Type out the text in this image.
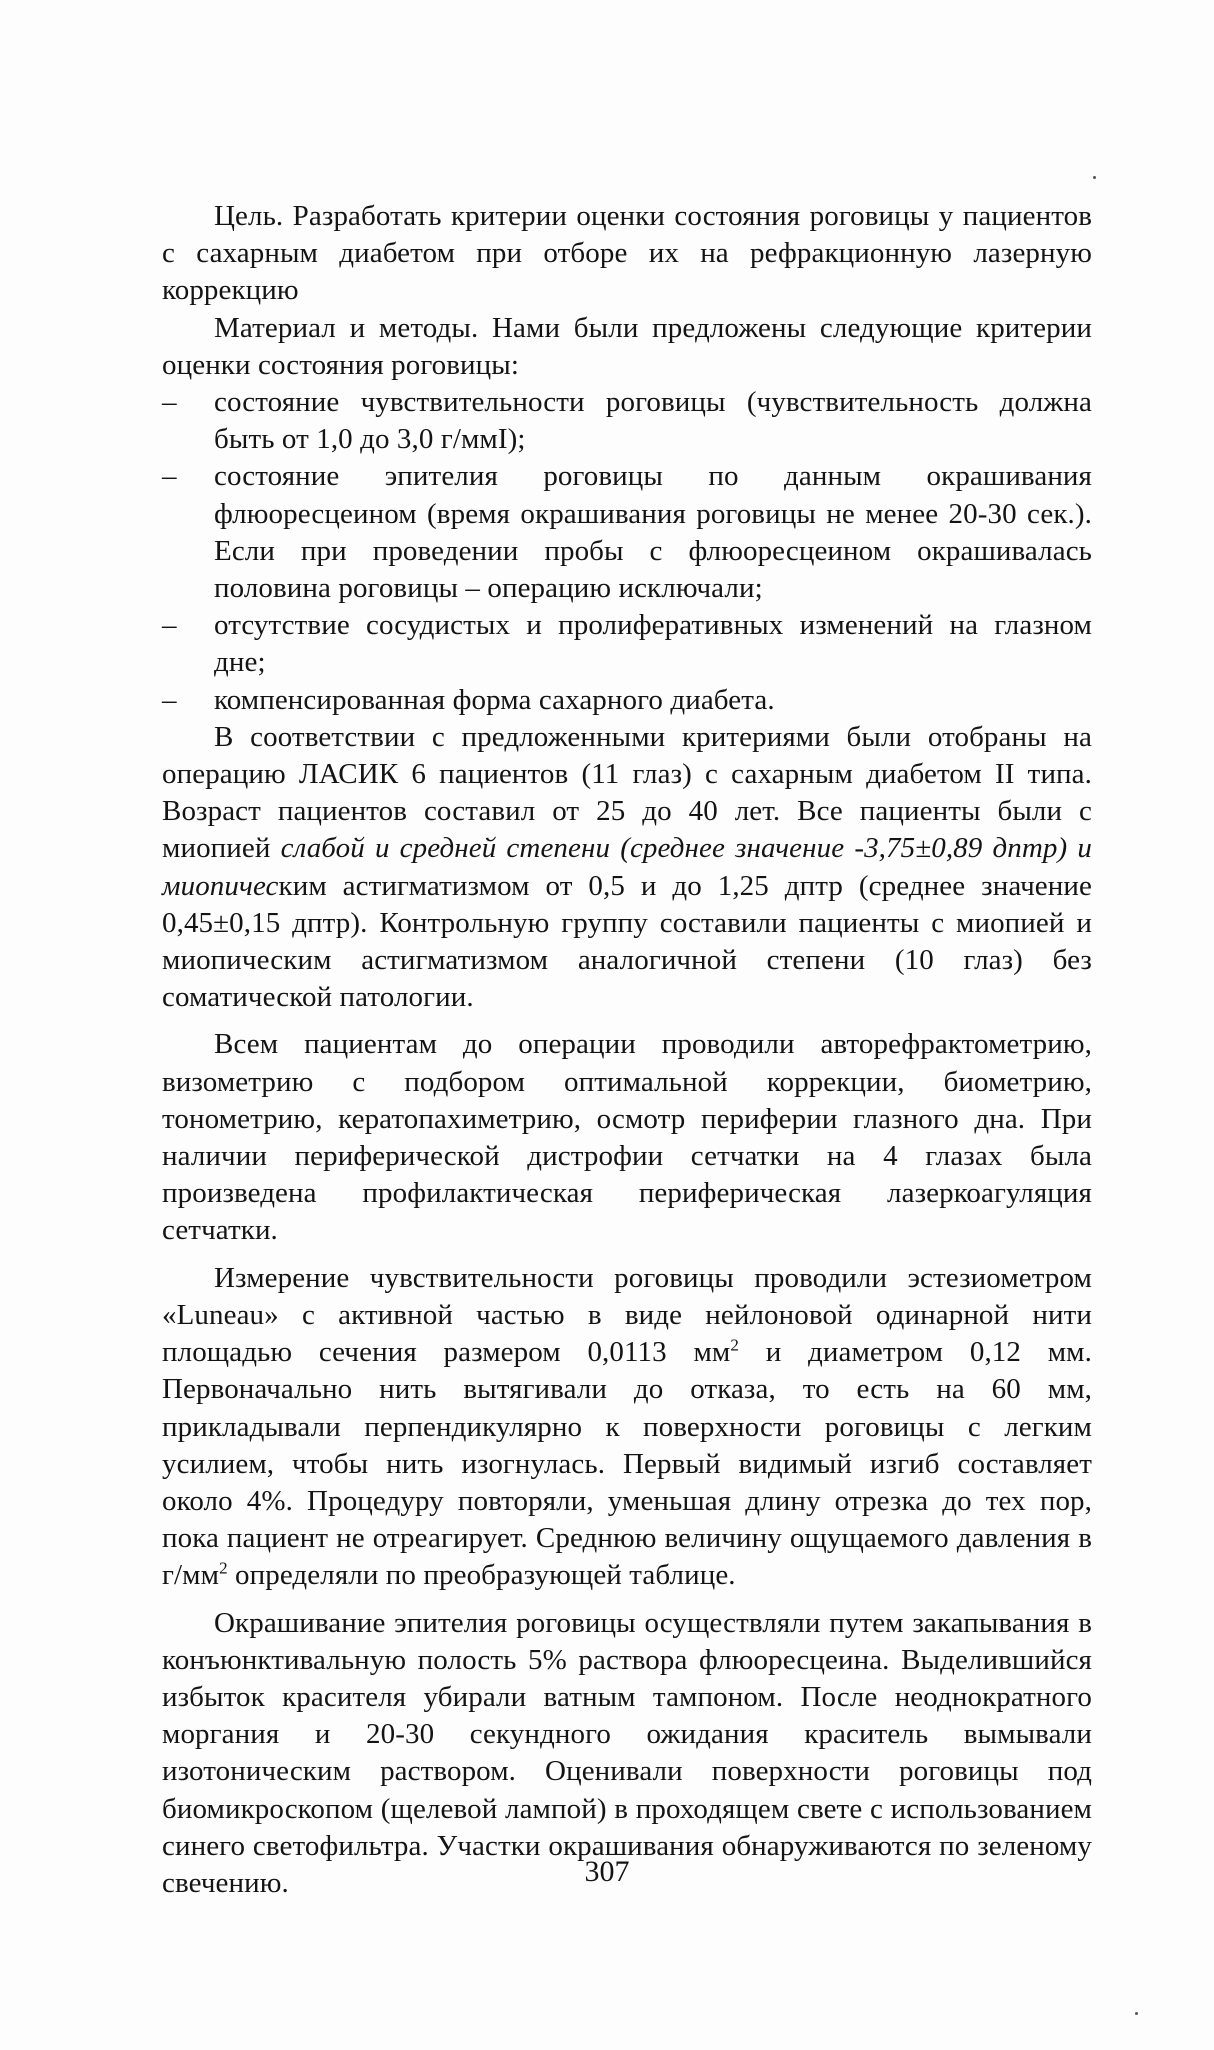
Цель. Разработать критерии оценки состояния роговицы у пациентов с сахарным диабетом при отборе их на рефракционную лазерную коррекцию

Материал и методы. Нами были предложены следующие критерии оценки состояния роговицы:

– состояние чувствительности роговицы (чувствительность должна быть от 1,0 до 3,0 г/ммI);
– состояние эпителия роговицы по данным окрашивания флюоресцеином (время окрашивания роговицы не менее 20-30 сек.). Если при проведении пробы с флюоресцеином окрашивалась половина роговицы – операцию исключали;
– отсутствие сосудистых и пролиферативных изменений на глазном дне;
– компенсированная форма сахарного диабета.

В соответствии с предложенными критериями были отобраны на операцию ЛАСИК 6 пациентов (11 глаз) с сахарным диабетом II типа. Возраст пациентов составил от 25 до 40 лет. Все пациенты были с миопией слабой и средней степени (среднее значение -3,75±0,89 дптр) и миопическим астигматизмом от 0,5 и до 1,25 дптр (среднее значение 0,45±0,15 дптр). Контрольную группу составили пациенты с миопией и миопическим астигматизмом аналогичной степени (10 глаз) без соматической патологии.

Всем пациентам до операции проводили авторефрактометрию, визометрию с подбором оптимальной коррекции, биометрию, тонометрию, кератопахиметрию, осмотр периферии глазного дна. При наличии периферической дистрофии сетчатки на 4 глазах была произведена профилактическая периферическая лазеркоагуляция сетчатки.

Измерение чувствительности роговицы проводили эстезиометром «Luneau» с активной частью в виде нейлоновой одинарной нити площадью сечения размером 0,0113 $мм^2$ и диаметром 0,12 мм. Первоначально нить вытягивали до отказа, то есть на 60 мм, прикладывали перпендикулярно к поверхности роговицы с легким усилием, чтобы нить изогнулась. Первый видимый изгиб составляет около 4%. Процедуру повторяли, уменьшая длину отрезка до тех пор, пока пациент не отреагирует. Среднюю величину ощущаемого давления в $г/мм^2$ определяли по преобразующей таблице.

Окрашивание эпителия роговицы осуществляли путем закапывания в конъюнктивальную полость 5% раствора флюоресцеина. Выделившийся избыток красителя убирали ватным тампоном. После неоднократного моргания и 20-30 секундного ожидания краситель вымывали изотоническим раствором. Оценивали поверхности роговицы под биомикроскопом (щелевой лампой) в проходящем свете с использованием синего светофильтра. Участки окрашивания обнаруживаются по зеленому свечению.	307
